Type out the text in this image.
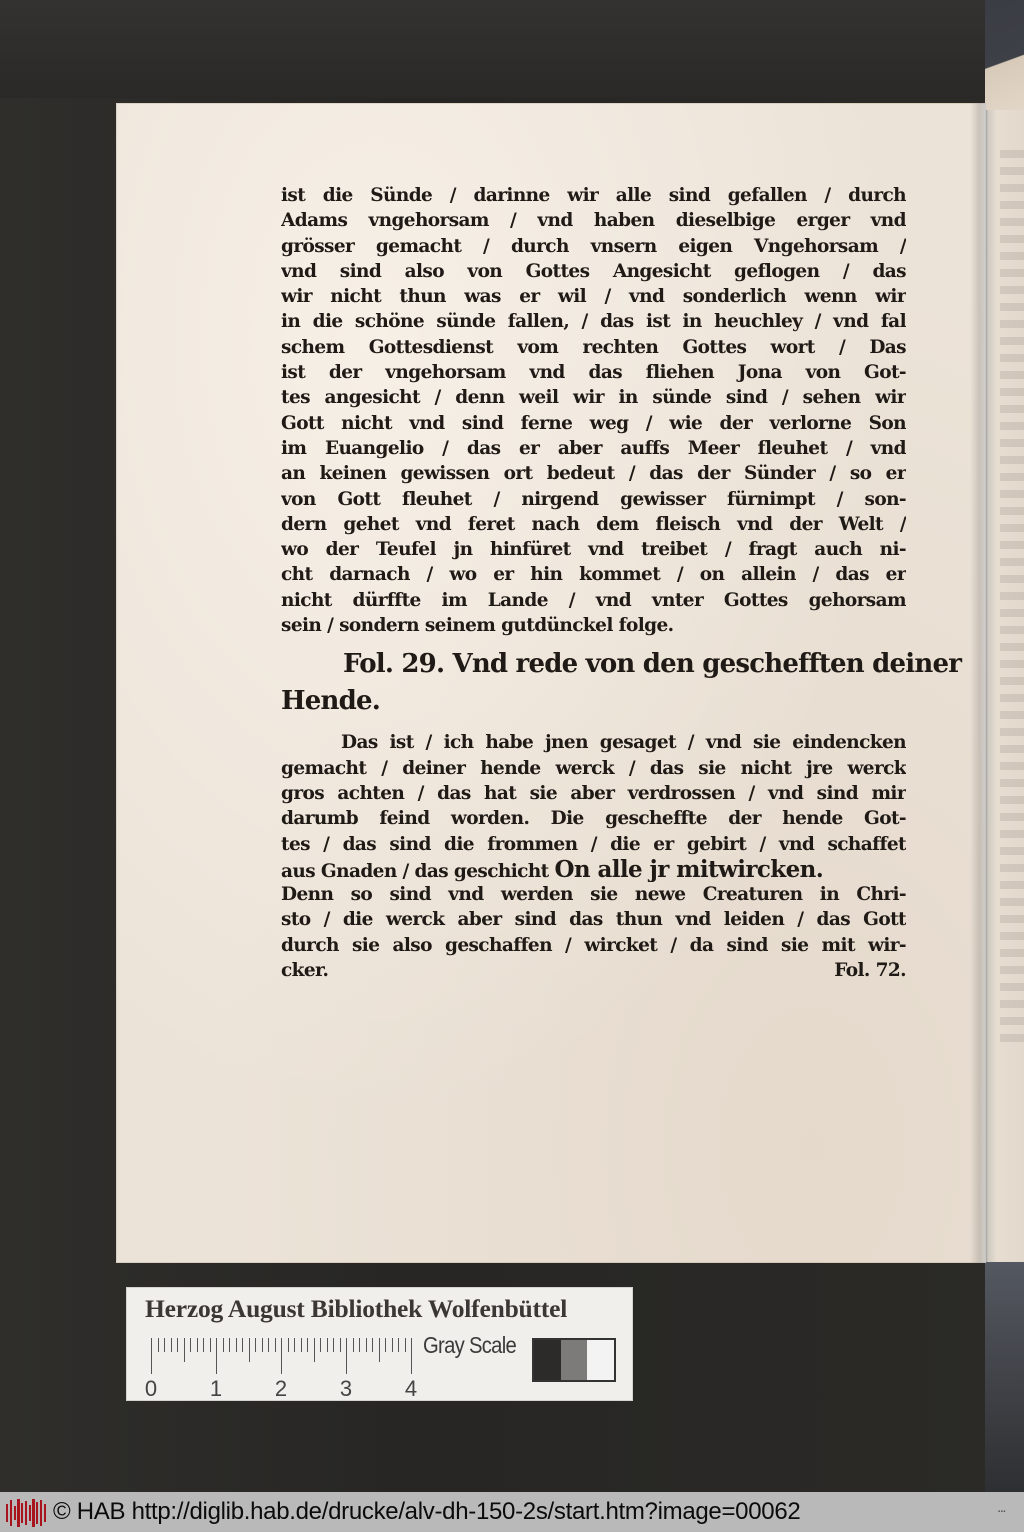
ist die Sünde / darinne wir alle sind gefallen / durch
Adams vngehorsam / vnd haben dieselbige erger vnd
grösser gemacht / durch vnsern eigen Vngehorsam /
vnd sind also von Gottes Angesicht geflogen / das
wir nicht thun was er wil / vnd sonderlich wenn wir
in die schöne sünde fallen, / das ist in heuchley / vnd fal
schem Gottesdienst vom rechten Gottes wort / Das
ist der vngehorsam vnd das fliehen Jona von Got-
tes angesicht / denn weil wir in sünde sind / sehen wir
Gott nicht vnd sind ferne weg / wie der verlorne Son
im Euangelio / das er aber auffs Meer fleuhet / vnd
an keinen gewissen ort bedeut / das der Sünder / so er
von Gott fleuhet / nirgend gewisser fürnimpt / son-
dern gehet vnd feret nach dem fleisch vnd der Welt /
wo der Teufel jn hinfüret vnd treibet / fragt auch ni-
cht darnach / wo er hin kommet / on allein / das er
nicht dürffte im Lande / vnd vnter Gottes gehorsam
sein / sondern seinem gutdünckel folge.
Fol. 29. Vnd rede von den geschefften deiner
Hende.
Das ist / ich habe jnen gesaget / vnd sie eindencken
gemacht / deiner hende werck / das sie nicht jre werck
gros achten / das hat sie aber verdrossen / vnd sind mir
darumb feind worden. Die gescheffte der hende Got-
tes / das sind die frommen / die er gebirt / vnd schaffet
aus Gnaden / das geschicht On alle jr mitwircken.
Denn so sind vnd werden sie newe Creaturen in Chri-
sto / die werck aber sind das thun vnd leiden / das Gott
durch sie also geschaffen / wircket / da sind sie mit wir-
cker.	Fol. 72.
Herzog August Bibliothek Wolfenbüttel
0 1 2 3 4
Gray Scale
© HAB http://diglib.hab.de/drucke/alv-dh-150-2s/start.htm?image=00062	▪▪▪
